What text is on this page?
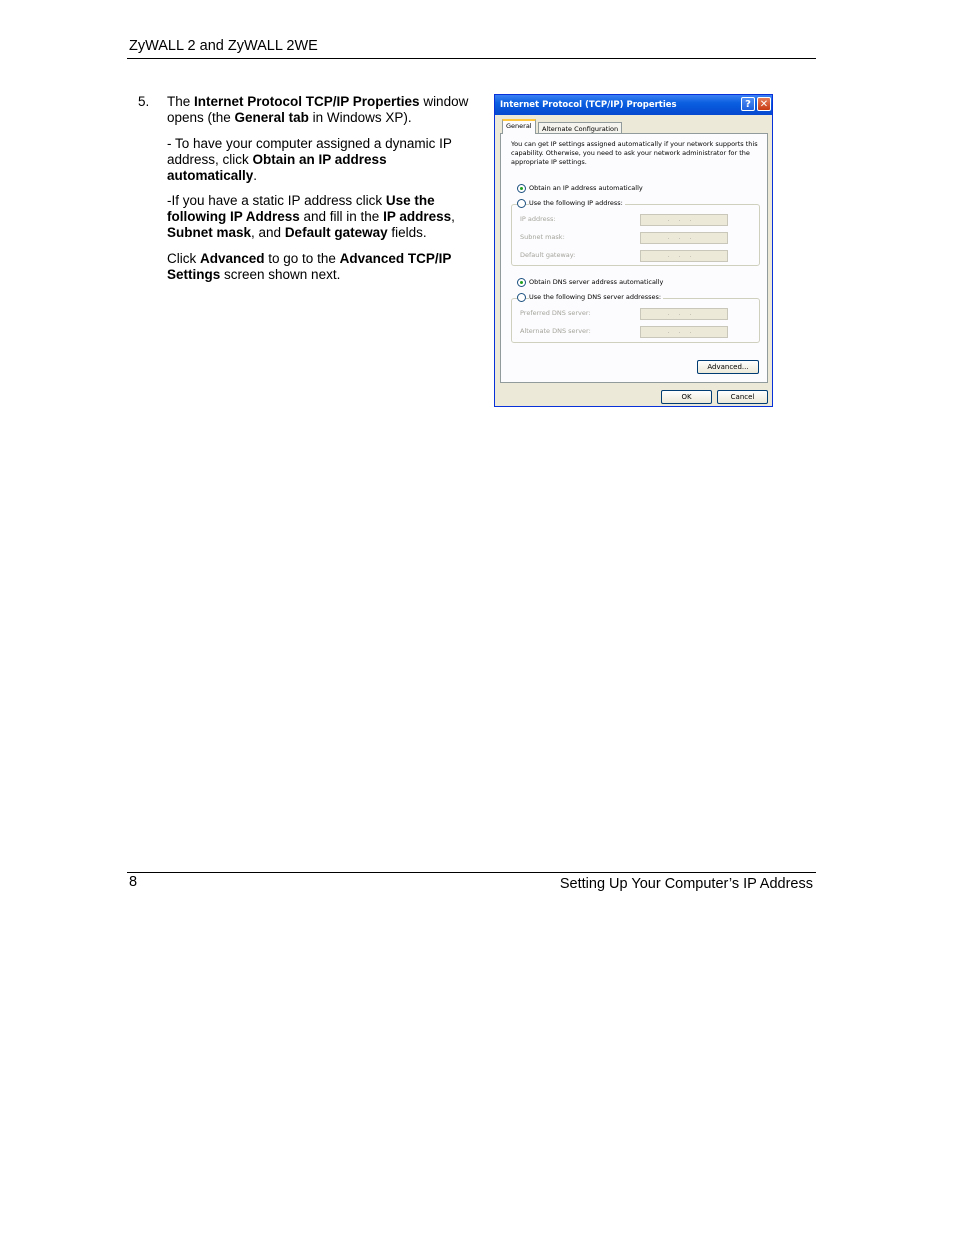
ZyWALL 2 and ZyWALL 2WE
5. The Internet Protocol TCP/IP Properties window opens (the General tab in Windows XP).
- To have your computer assigned a dynamic IP address, click Obtain an IP address automatically.
-If you have a static IP address click Use the following IP Address and fill in the IP address, Subnet mask, and Default gateway fields.
Click Advanced to go to the Advanced TCP/IP Settings screen shown next.
Internet Protocol (TCP/IP) Properties	? ✕
General	Alternate Configuration
You can get IP settings assigned automatically if your network supports this capability. Otherwise, you need to ask your network administrator for the appropriate IP settings.
Obtain an IP address automatically
Use the following IP address:
IP address:	...
Subnet mask:	...
Default gateway:	...
Obtain DNS server address automatically
Use the following DNS server addresses:
Preferred DNS server:	...
Alternate DNS server:	...
Advanced...
OK	Cancel
8	Setting Up Your Computer’s IP Address
